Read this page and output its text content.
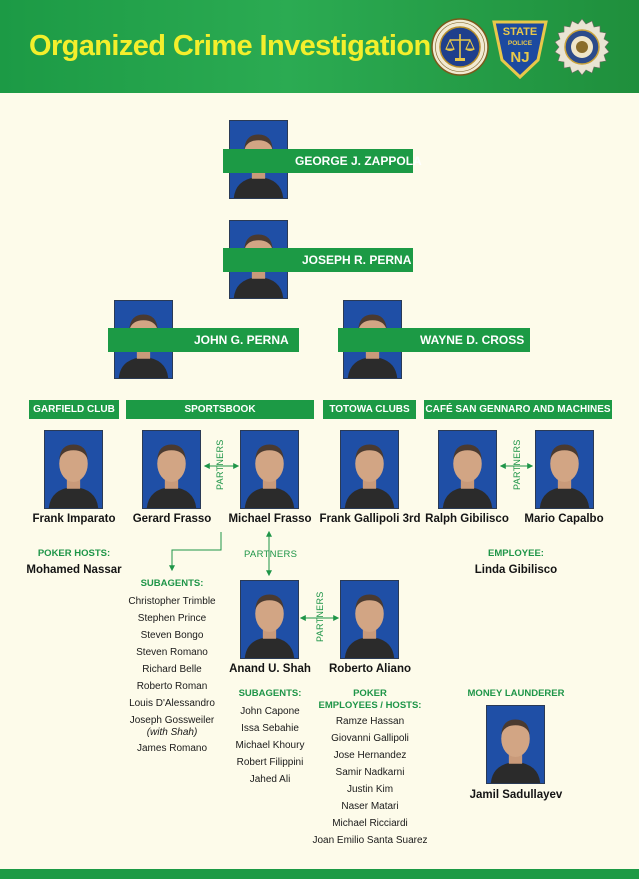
Organized Crime Investigation	STATE
POLICE
NJ
GEORGE J. ZAPPOLA
JOSEPH R. PERNA
JOHN G. PERNA	WAYNE D. CROSS
GARFIELD CLUB	SPORTSBOOK	TOTOWA CLUBS	CAFÉ SAN GENNARO AND MACHINES
Frank Imparato	Gerard Frasso
PARTNERS
Michael Frasso Frank Gallipoli 3rd Ralph Gibilisco
PARTNERS
Mario Capalbo
POKER HOSTS:
Mohamed Nassar
EMPLOYEE:
Linda Gibilisco
PARTNERS
SUBAGENTS:
Christopher Trimble
Stephen Prince
Steven Bongo
Steven Romano
Richard Belle
Roberto Roman
Louis D'Alessandro
Joseph Gossweiler
(with Shah)
James Romano
Anand U. Shah
PARTNERS
Roberto Aliano
SUBAGENTS:
John Capone
Issa Sebahie
Michael Khoury
Robert Filippini
Jahed Ali
POKER
EMPLOYEES / HOSTS:
Ramze Hassan
Giovanni Gallipoli
Jose Hernandez
Samir Nadkarni
Justin Kim
Naser Matari
Michael Ricciardi
Joan Emilio Santa Suarez
MONEY LAUNDERER
Jamil Sadullayev
